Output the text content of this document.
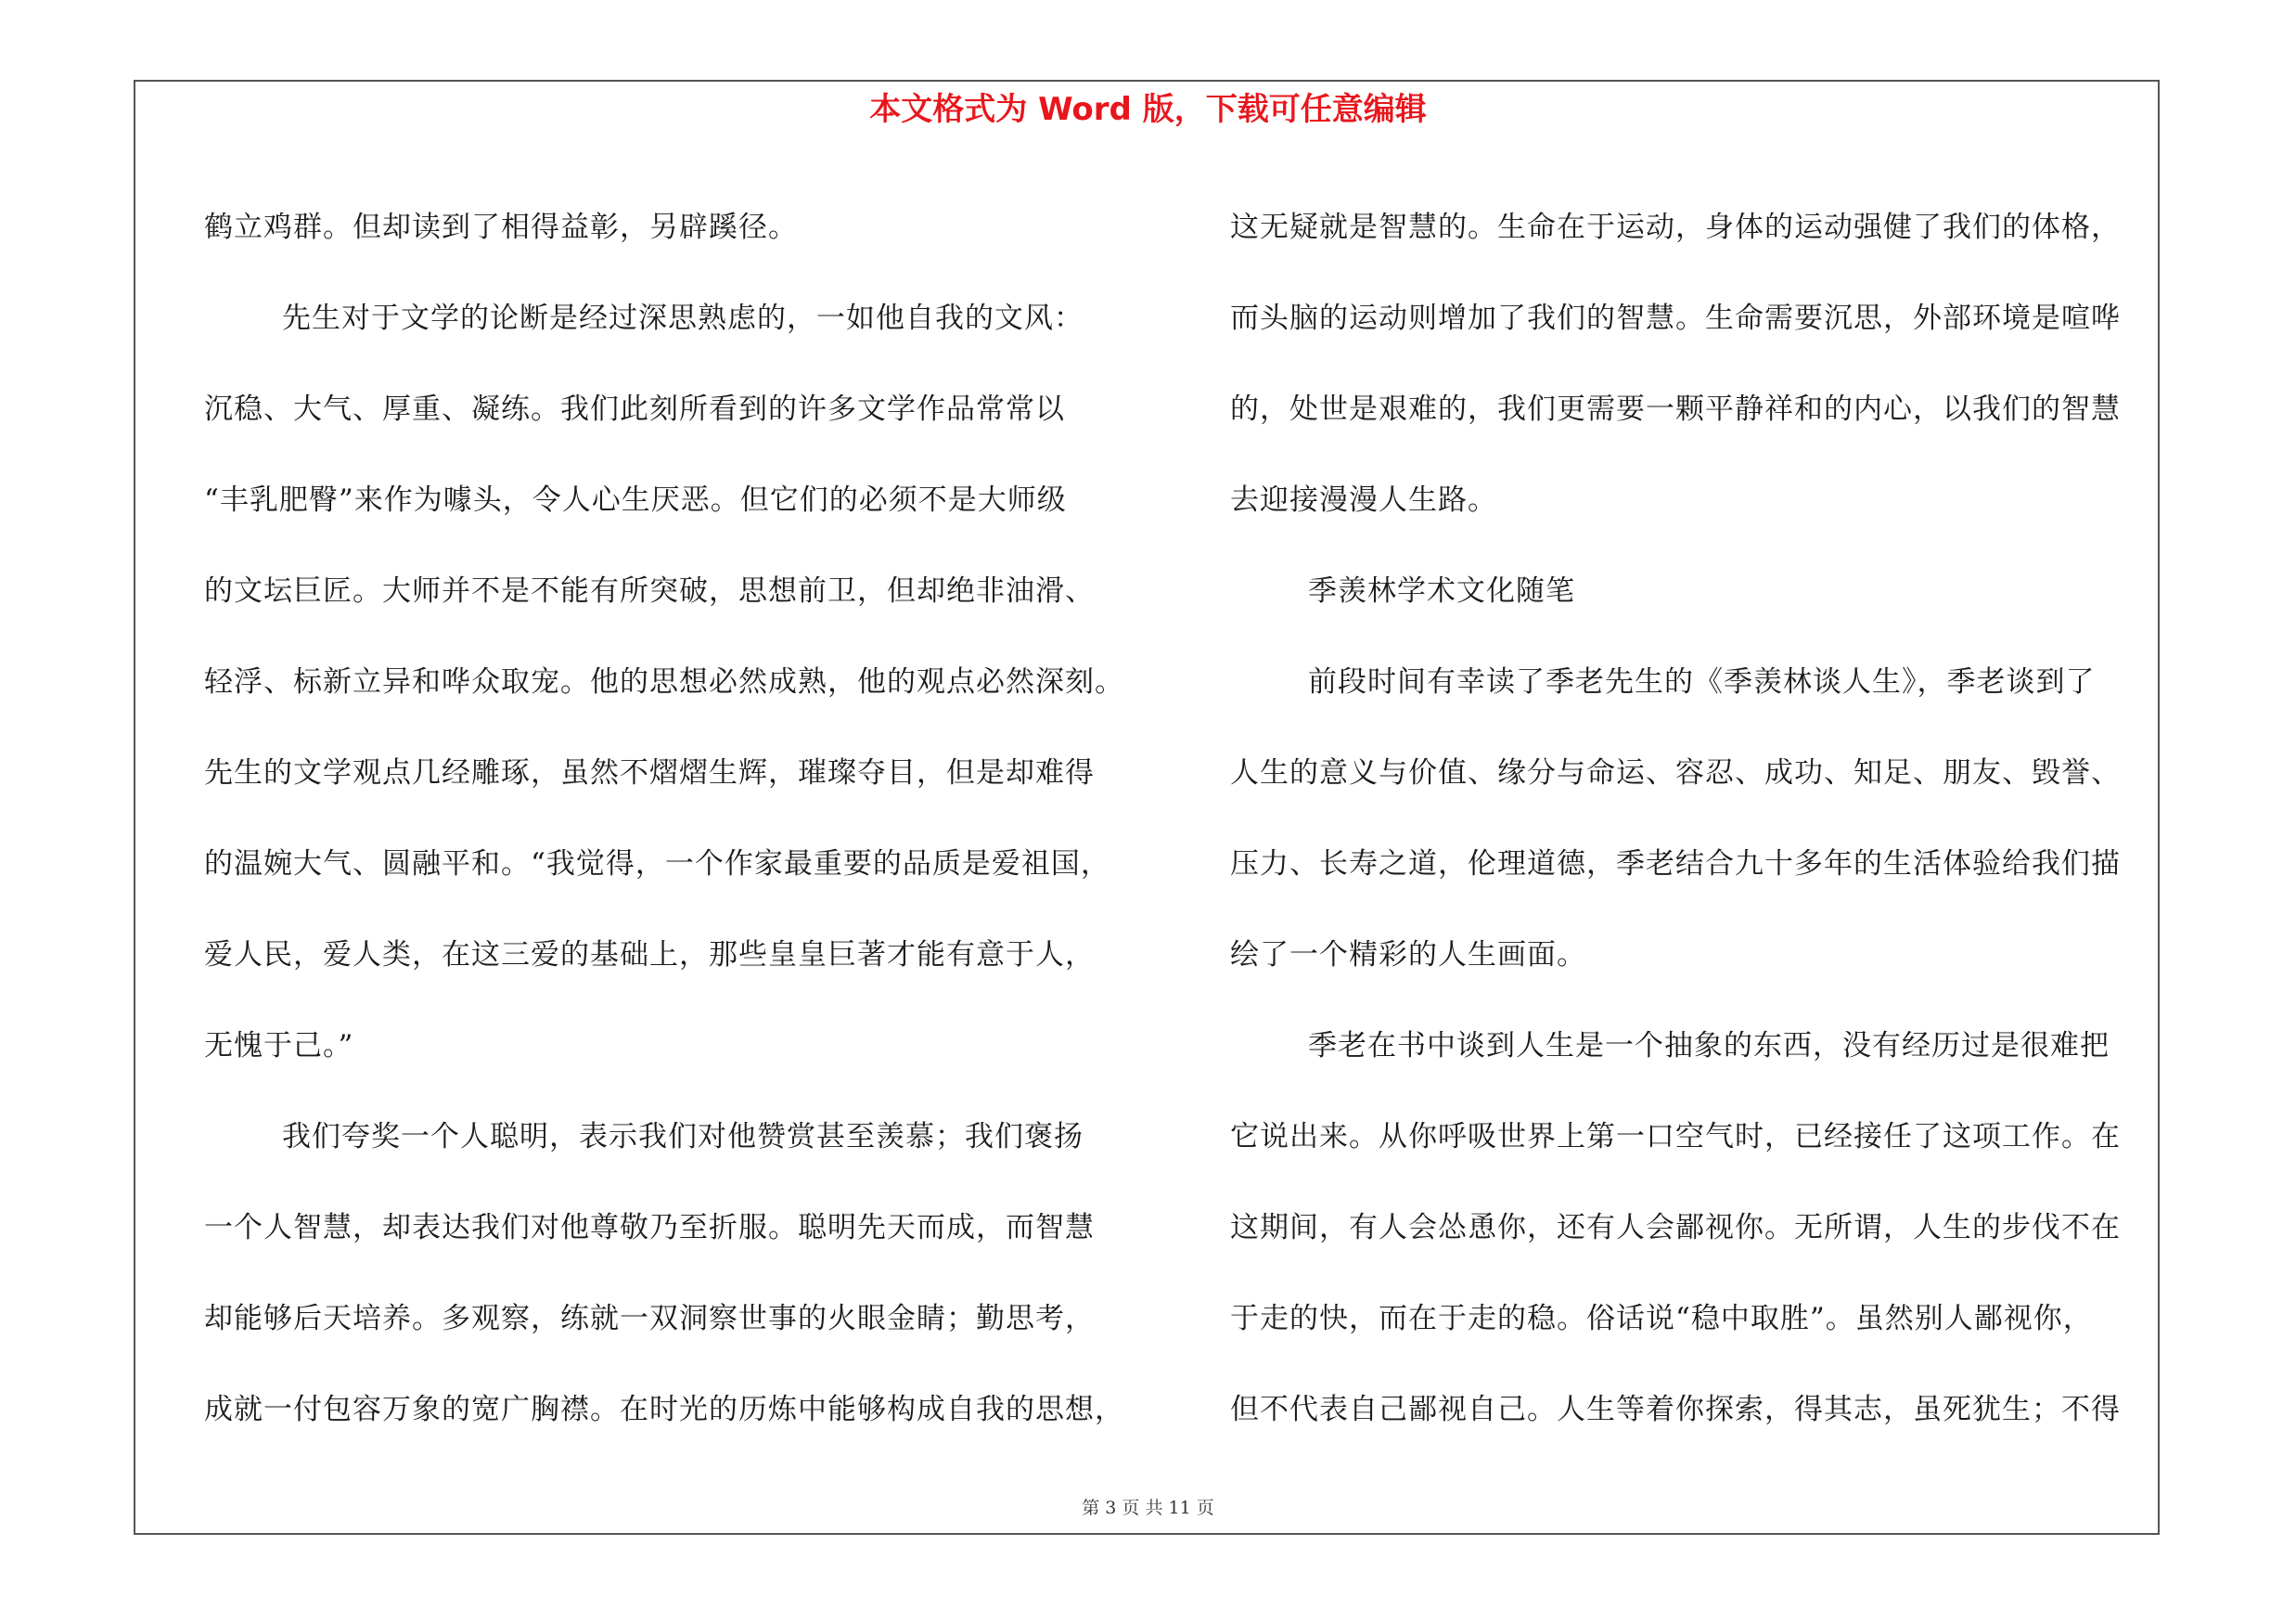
本文格式为 Word 版，下载可任意编辑
鹤立鸡群。但却读到了相得益彰，另辟蹊径。
先生对于文学的论断是经过深思熟虑的，一如他自我的文风：
沉稳、大气、厚重、凝练。我们此刻所看到的许多文学作品常常以
“丰乳肥臀”来作为噱头，令人心生厌恶。但它们的必须不是大师级
的文坛巨匠。大师并不是不能有所突破，思想前卫，但却绝非油滑、
轻浮、标新立异和哗众取宠。他的思想必然成熟，他的观点必然深刻。
先生的文学观点几经雕琢，虽然不熠熠生辉，璀璨夺目，但是却难得
的温婉大气、圆融平和。“我觉得，一个作家最重要的品质是爱祖国，
爱人民，爱人类，在这三爱的基础上，那些皇皇巨著才能有意于人，
无愧于己。”
我们夸奖一个人聪明，表示我们对他赞赏甚至羡慕；我们褒扬
一个人智慧，却表达我们对他尊敬乃至折服。聪明先天而成，而智慧
却能够后天培养。多观察，练就一双洞察世事的火眼金睛；勤思考，
成就一付包容万象的宽广胸襟。在时光的历炼中能够构成自我的思想，
这无疑就是智慧的。生命在于运动，身体的运动强健了我们的体格，
而头脑的运动则增加了我们的智慧。生命需要沉思，外部环境是喧哗
的，处世是艰难的，我们更需要一颗平静祥和的内心，以我们的智慧
去迎接漫漫人生路。
季羡林学术文化随笔
前段时间有幸读了季老先生的《季羡林谈人生》，季老谈到了
人生的意义与价值、缘分与命运、容忍、成功、知足、朋友、毁誉、
压力、长寿之道，伦理道德，季老结合九十多年的生活体验给我们描
绘了一个精彩的人生画面。
季老在书中谈到人生是一个抽象的东西，没有经历过是很难把
它说出来。从你呼吸世界上第一口空气时，已经接任了这项工作。在
这期间，有人会怂恿你，还有人会鄙视你。无所谓，人生的步伐不在
于走的快，而在于走的稳。俗话说“稳中取胜”。虽然别人鄙视你，
但不代表自己鄙视自己。人生等着你探索，得其志，虽死犹生；不得
第 3 页 共 11 页
